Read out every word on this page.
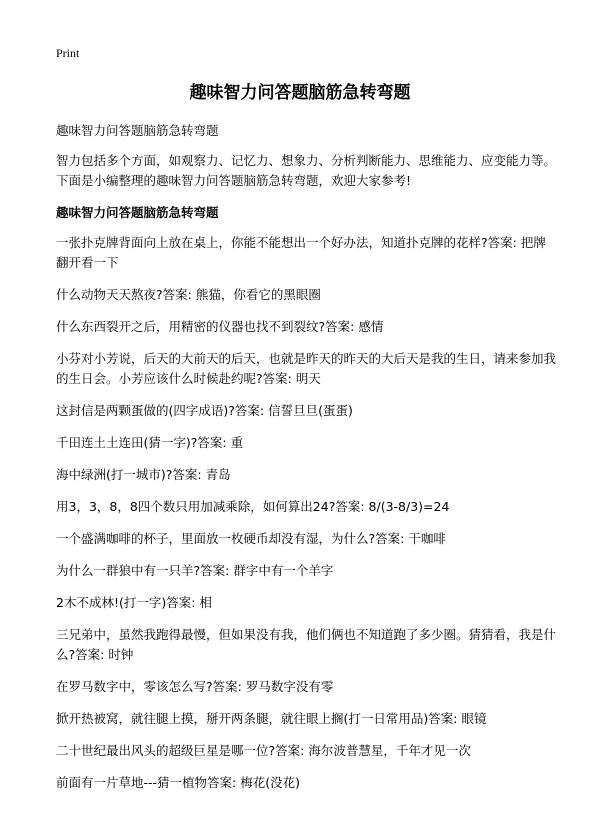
Print
趣味智力问答题脑筋急转弯题

趣味智力问答题脑筋急转弯题

智力包括多个方面，如观察力、记忆力、想象力、分析判断能力、思维能力、应变能力等。下面是小编整理的趣味智力问答题脑筋急转弯题，欢迎大家参考!

趣味智力问答题脑筋急转弯题

一张扑克牌背面向上放在桌上，你能不能想出一个好办法，知道扑克牌的花样?答案: 把牌翻开看一下

什么动物天天熬夜?答案: 熊猫，你看它的黑眼圈

什么东西裂开之后，用精密的仪器也找不到裂纹?答案: 感情

小芬对小芳说，后天的大前天的后天，也就是昨天的昨天的大后天是我的生日，请来参加我的生日会。小芳应该什么时候赴约呢?答案: 明天

这封信是两颗蛋做的(四字成语)?答案: 信誓旦旦(蛋蛋)

千田连土土连田(猜一字)?答案: 重

海中绿洲(打一城市)?答案: 青岛

用3，3，8，8四个数只用加减乘除，如何算出24?答案: 8/(3-8/3)=24

一个盛满咖啡的杯子，里面放一枚硬币却没有湿，为什么?答案: 干咖啡

为什么一群狼中有一只羊?答案: 群字中有一个羊字

2木不成林!(打一字)答案: 相

三兄弟中，虽然我跑得最慢，但如果没有我，他们俩也不知道跑了多少圈。猜猜看，我是什么?答案: 时钟

在罗马数字中，零该怎么写?答案: 罗马数字没有零

掀开热被窝，就往腿上摸，掰开两条腿，就往眼上搁(打一日常用品)答案: 眼镜

二十世纪最出风头的超级巨星是哪一位?答案: 海尔波普慧星，千年才见一次

前面有一片草地---猜一植物答案: 梅花(没花)
